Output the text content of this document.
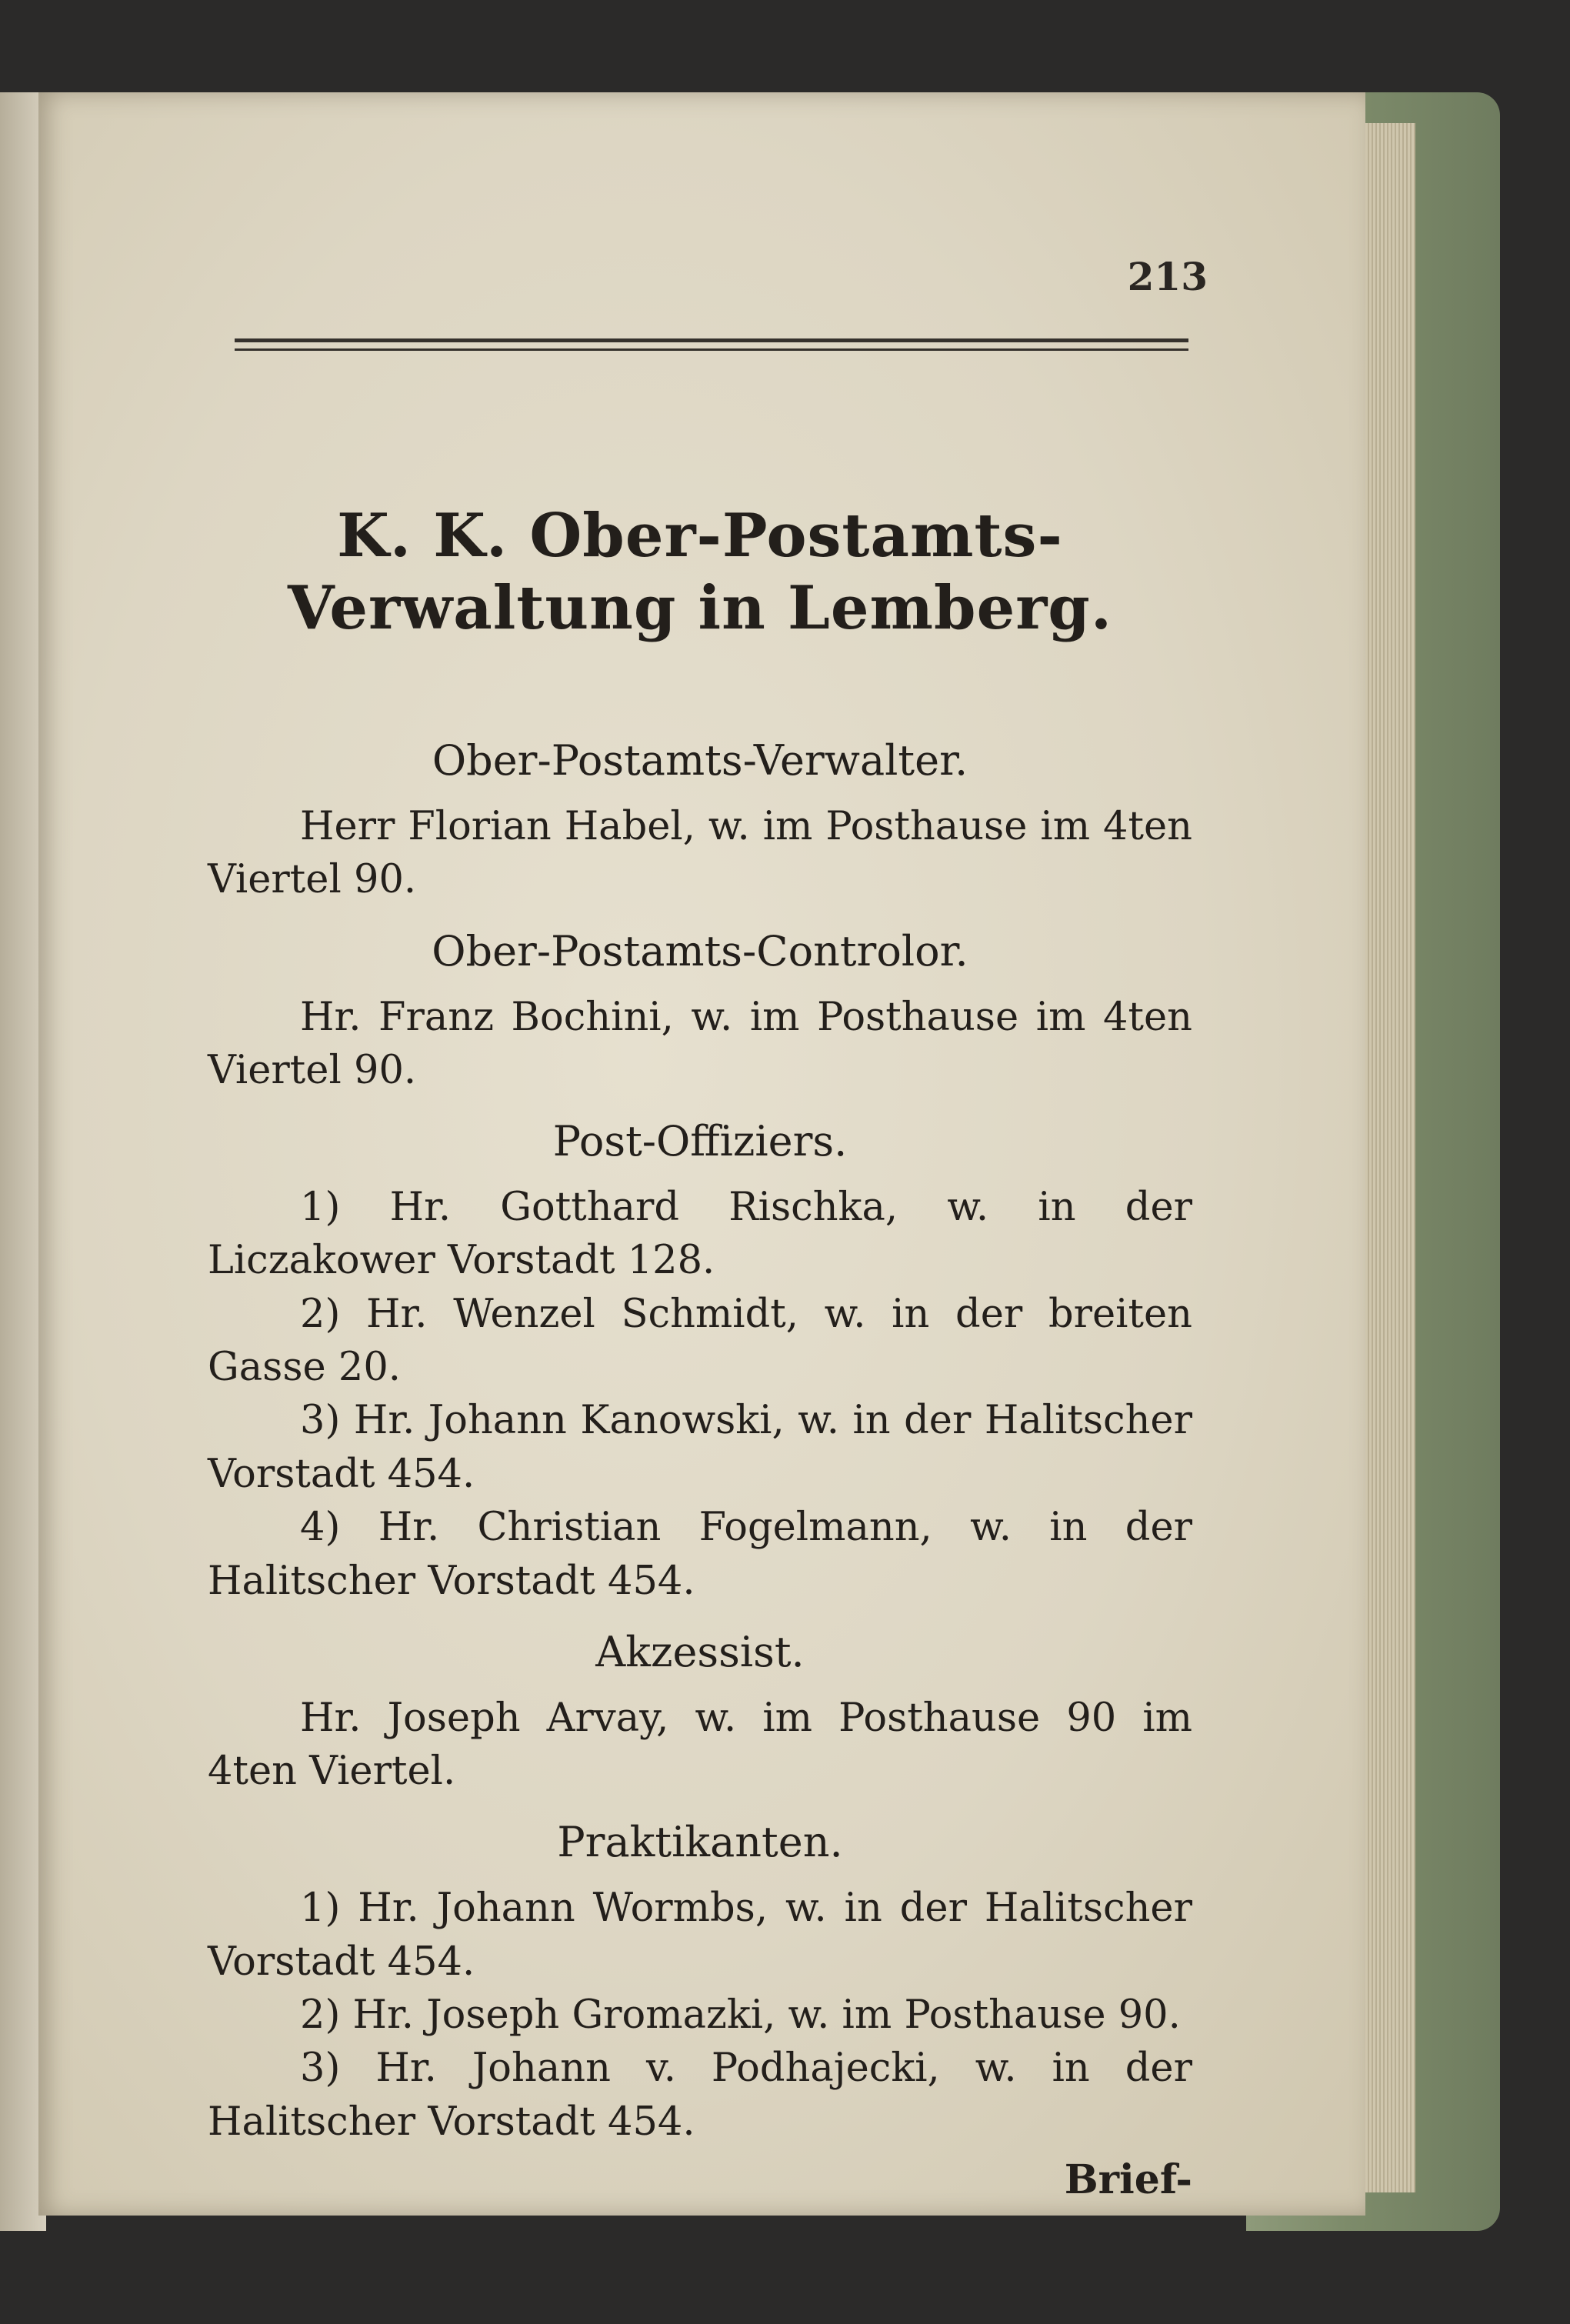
213
K. K. Ober-Postamts-Verwaltung in Lemberg.
Ober-Postamts-Verwalter.

Herr Florian Habel, w. im Posthause im 4ten Viertel 90.

Ober-Postamts-Controlor.

Hr. Franz Bochini, w. im Posthause im 4ten Viertel 90.

Post-Offiziers.

1) Hr. Gotthard Rischka, w. in der Liczakower Vorstadt 128.

2) Hr. Wenzel Schmidt, w. in der breiten Gasse 20.

3) Hr. Johann Kanowski, w. in der Halitscher Vorstadt 454.

4) Hr. Christian Fogelmann, w. in der Halitscher Vorstadt 454.

Akzessist.

Hr. Joseph Arvay, w. im Posthause 90 im 4ten Viertel.

Praktikanten.

1) Hr. Johann Wormbs, w. in der Halitscher Vorstadt 454.

2) Hr. Joseph Gromazki, w. im Posthause 90.

3) Hr. Johann v. Podhajecki, w. in der Halitscher Vorstadt 454.

Brief-
